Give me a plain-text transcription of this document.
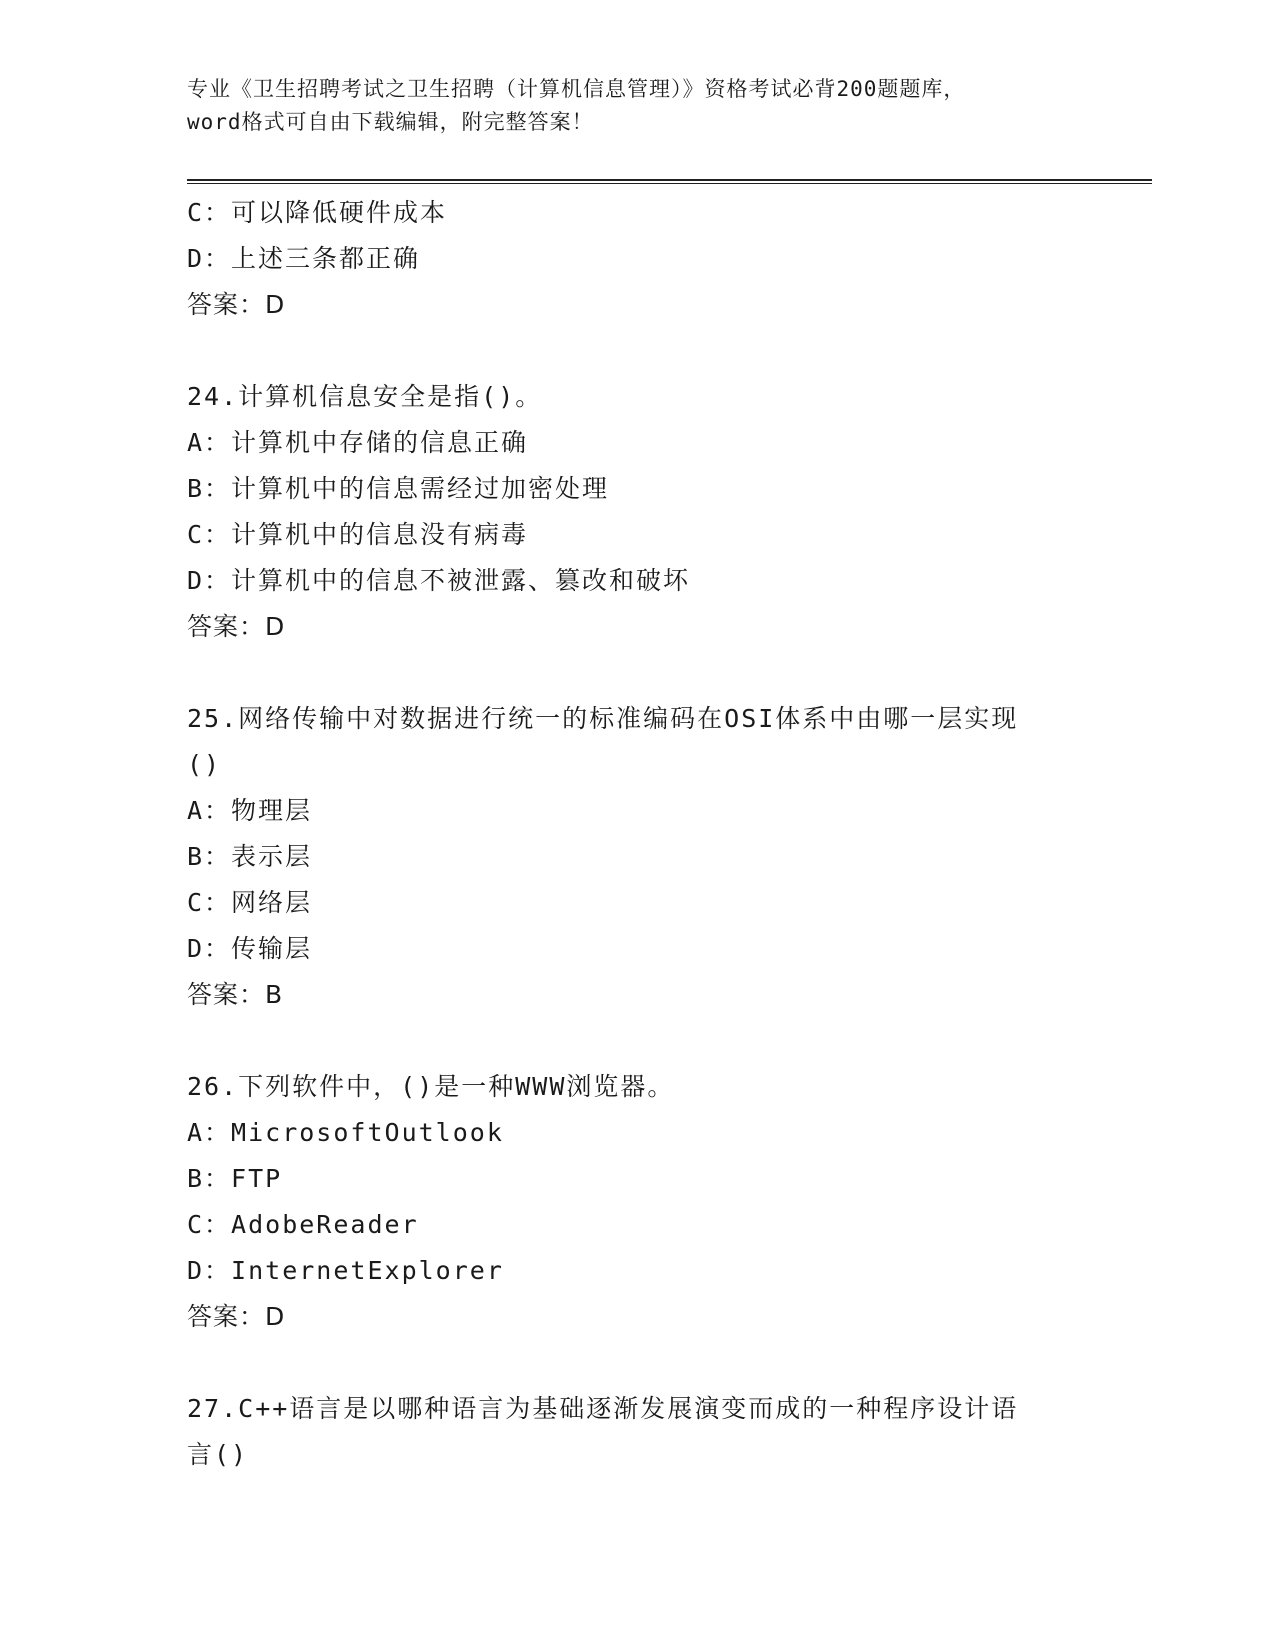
专业《卫生招聘考试之卫生招聘（计算机信息管理）》资格考试必背200题题库，
word格式可自由下载编辑，附完整答案！
C：可以降低硬件成本
D：上述三条都正确
答案：D
24.计算机信息安全是指()。
A：计算机中存储的信息正确
B：计算机中的信息需经过加密处理
C：计算机中的信息没有病毒
D：计算机中的信息不被泄露、篡改和破坏
答案：D
25.网络传输中对数据进行统一的标准编码在OSI体系中由哪一层实现
()
A：物理层
B：表示层
C：网络层
D：传输层
答案：B
26.下列软件中，()是一种WWW浏览器。
A：MicrosoftOutlook
B：FTP
C：AdobeReader
D：InternetExplorer
答案：D
27.C++语言是以哪种语言为基础逐渐发展演变而成的一种程序设计语
言()
